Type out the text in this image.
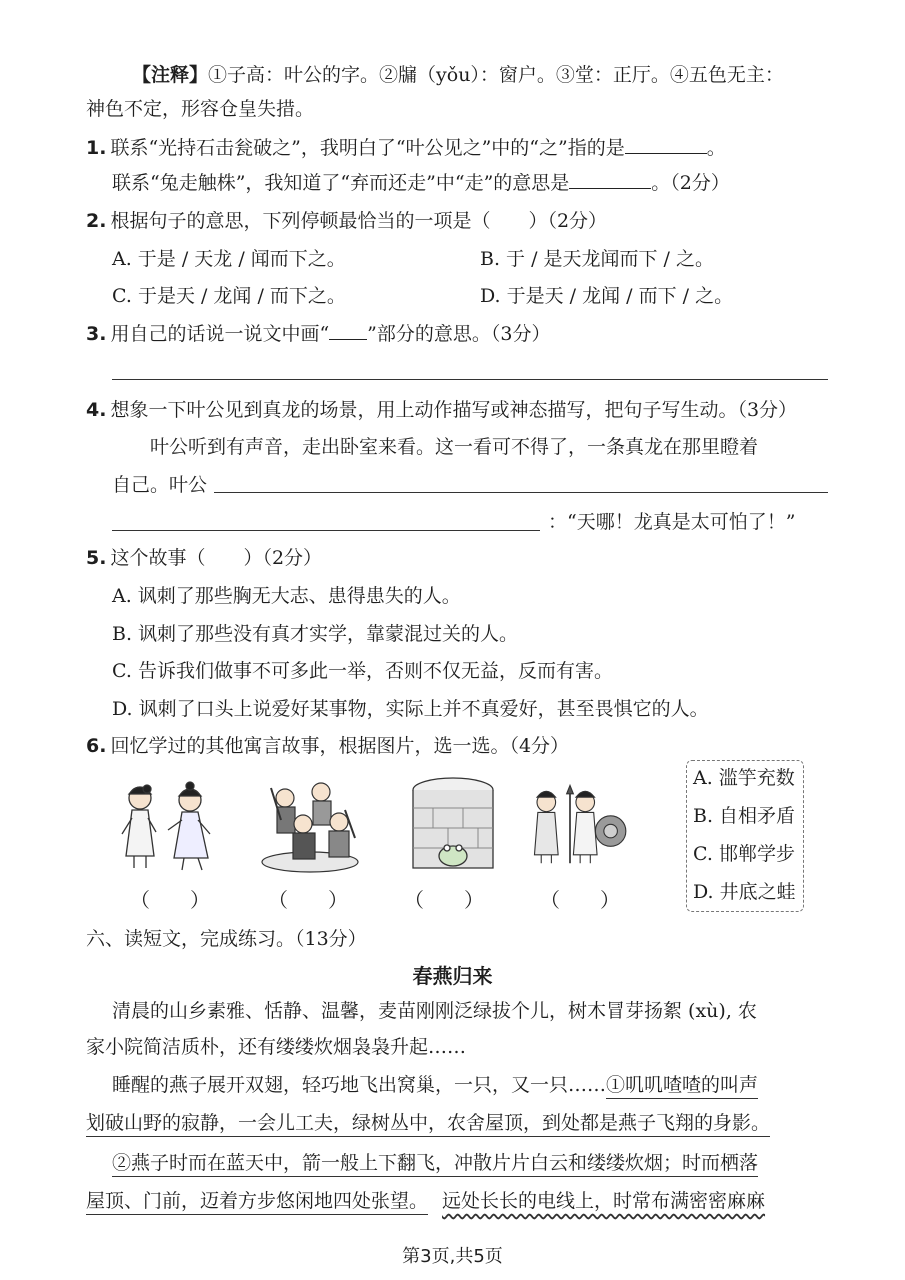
【注释】①子高：叶公的字。②牖（yǒu）：窗户。③堂：正厅。④五色无主：
神色不定，形容仓皇失措。
1. 联系“光持石击瓮破之”，我明白了“叶公见之”中的“之”指的是	。
联系“兔走触株”，我知道了“弃而还走”中“走”的意思是	。（2分）
2. 根据句子的意思，下列停顿最恰当的一项是（　　）（2分）
A. 于是 / 天龙 / 闻而下之。	B. 于 / 是天龙闻而下 / 之。
C. 于是天 / 龙闻 / 而下之。	D. 于是天 / 龙闻 / 而下 / 之。
3. 用自己的话说一说文中画“ ”部分的意思。（3分）
4. 想象一下叶公见到真龙的场景，用上动作描写或神态描写，把句子写生动。（3分）
叶公听到有声音，走出卧室来看。这一看可不得了，一条真龙在那里瞪着
自己。叶公
：“天哪！龙真是太可怕了！”
5. 这个故事（　　）（2分）
A. 讽刺了那些胸无大志、患得患失的人。
B. 讽刺了那些没有真才实学，靠蒙混过关的人。
C. 告诉我们做事不可多此一举，否则不仅无益，反而有害。
D. 讽刺了口头上说爱好某事物，实际上并不真爱好，甚至畏惧它的人。
6. 回忆学过的其他寓言故事，根据图片，选一选。（4分）
（　　）	（　　）	（　　）	（　　）
A. 滥竽充数
B. 自相矛盾
C. 邯郸学步
D. 井底之蛙
六、读短文，完成练习。（13分）
春燕归来
清晨的山乡素雅、恬静、温馨，麦苗刚刚泛绿拔个儿，树木冒芽扬絮 (xù), 农
家小院简洁质朴，还有缕缕炊烟袅袅升起……
睡醒的燕子展开双翅，轻巧地飞出窝巢，一只，又一只……①叽叽喳喳的叫声
划破山野的寂静，一会儿工夫，绿树丛中，农舍屋顶，到处都是燕子飞翔的身影。
②燕子时而在蓝天中，箭一般上下翻飞，冲散片片白云和缕缕炊烟；时而栖落
屋顶、门前，迈着方步悠闲地四处张望。 远处长长的电线上，时常布满密密麻麻
第3页,共5页
